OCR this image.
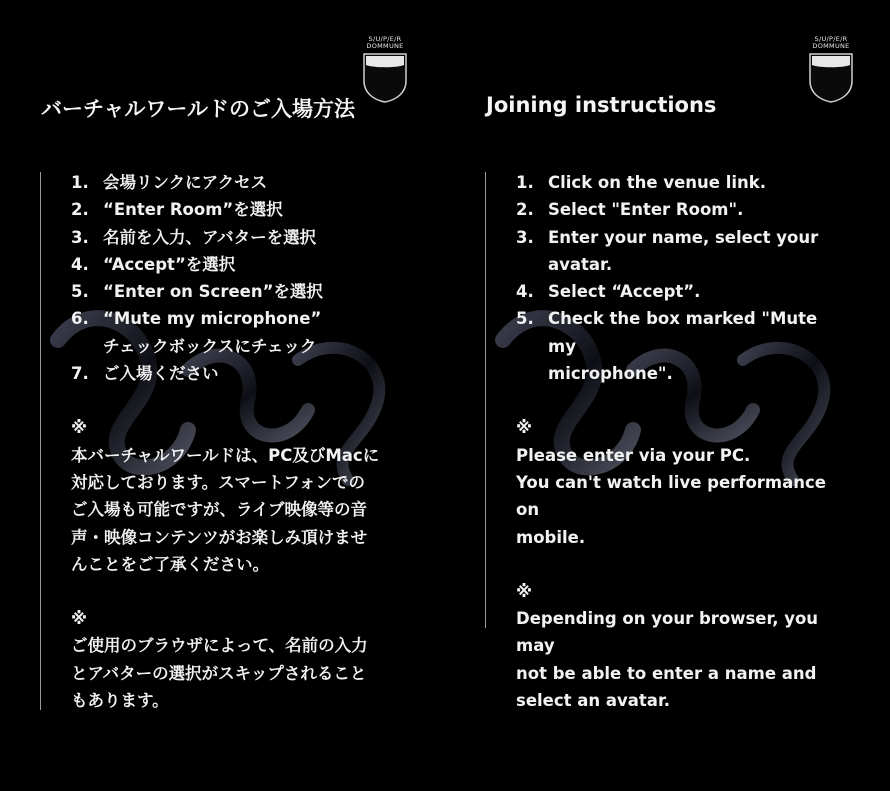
S/U/P/E/R
DOMMUNE
バーチャルワールドのご入場方法
1. 会場リンクにアクセス
2. “Enter Room”を選択
3. 名前を入力、アバターを選択
4. “Accept”を選択
5. “Enter on Screen”を選択
6. “Mute my microphone”
チェックボックスにチェック
7. ご入場ください
※
本バーチャルワールドは、PC及びMacに
対応しております。スマートフォンでの
ご入場も可能ですが、ライブ映像等の音
声・映像コンテンツがお楽しみ頂けませ
んことをご了承ください。
※
ご使用のブラウザによって、名前の入力
とアバターの選択がスキップされること
もあります。
S/U/P/E/R
DOMMUNE
Joining instructions
1. Click on the venue link.
2. Select "Enter Room".
3. Enter your name, select your
avatar.
4. Select “Accept”.
5. Check the box marked "Mute my
microphone".
※
Please enter via your PC.
You can't watch live performance on
mobile.
※
Depending on your browser, you may
not be able to enter a name and
select an avatar.
